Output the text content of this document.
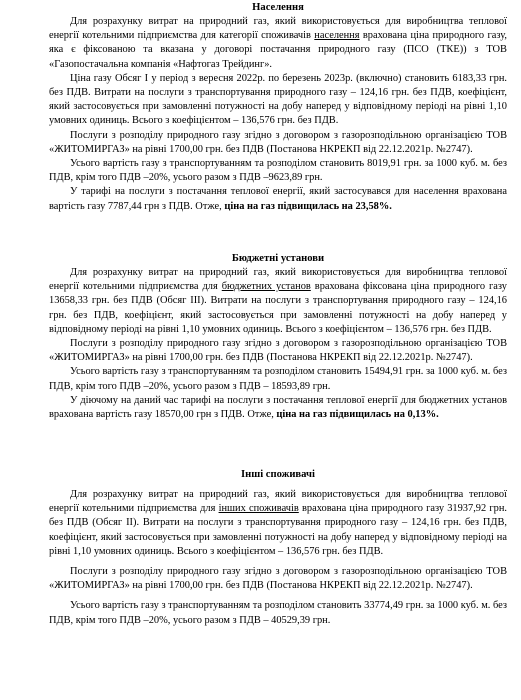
Населення

Для розрахунку витрат на природний газ, який використовується для виробництва теплової енергії котельними підприємства для категорії споживачів населення врахована ціна природного газу, яка є фіксованою та вказана у договорі постачання природного газу (ПСО (ТКЕ)) з ТОВ «Газопостачальна компанія «Нафтогаз Трейдинг».

Ціна газу Обсяг І у період з вересня 2022р. по березень 2023р. (включно) становить 6183,33 грн. без ПДВ. Витрати на послуги з транспортування природного газу – 124,16 грн. без ПДВ, коефіцієнт, який застосовується при замовленні потужності на добу наперед у відповідному періоді на рівні 1,10 умовних одиниць. Всього з коефіцієнтом – 136,576 грн. без ПДВ.

Послуги з розподілу природного газу згідно з договором з газорозподільною організацією ТОВ «ЖИТОМИРГАЗ» на рівні 1700,00 грн. без ПДВ (Постанова НКРЕКП від 22.12.2021р. №2747).

Усього вартість газу з транспортуванням та розподілом становить 8019,91 грн. за 1000 куб. м. без ПДВ, крім того ПДВ –20%, усього разом з ПДВ –9623,89 грн.

У тарифі на послуги з постачання теплової енергії, який застосувався для населення врахована вартість газу 7787,44 грн з ПДВ. Отже, ціна на газ підвищилась на 23,58%.

Бюджетні установи

Для розрахунку витрат на природний газ, який використовується для виробництва теплової енергії котельними підприємства для бюджетних установ врахована фіксована ціна природного газу 13658,33 грн. без ПДВ (Обсяг ІІІ). Витрати на послуги з транспортування природного газу – 124,16 грн. без ПДВ, коефіцієнт, який застосовується при замовленні потужності на добу наперед у відповідному періоді на рівні 1,10 умовних одиниць. Всього з коефіцієнтом – 136,576 грн. без ПДВ.

Послуги з розподілу природного газу згідно з договором з газорозподільною організацією ТОВ «ЖИТОМИРГАЗ» на рівні 1700,00 грн. без ПДВ (Постанова НКРЕКП від 22.12.2021р. №2747).

Усього вартість газу з транспортуванням та розподілом становить 15494,91 грн. за 1000 куб. м. без ПДВ, крім того ПДВ –20%, усього разом з ПДВ – 18593,89 грн.

У діючому на даний час тарифі на послуги з постачання теплової енергії для бюджетних установ врахована вартість газу 18570,00 грн з ПДВ. Отже, ціна на газ підвищилась на 0,13%.

Інші споживачі

Для розрахунку витрат на природний газ, який використовується для виробництва теплової енергії котельними підприємства для інших споживачів врахована ціна природного газу 31937,92 грн. без ПДВ (Обсяг ІІ). Витрати на послуги з транспортування природного газу – 124,16 грн. без ПДВ, коефіцієнт, який застосовується при замовленні потужності на добу наперед у відповідному періоді на рівні 1,10 умовних одиниць. Всього з коефіцієнтом – 136,576 грн. без ПДВ.

Послуги з розподілу природного газу згідно з договором з газорозподільною організацією ТОВ «ЖИТОМИРГАЗ» на рівні 1700,00 грн. без ПДВ (Постанова НКРЕКП від 22.12.2021р. №2747).

Усього вартість газу з транспортуванням та розподілом становить 33774,49 грн. за 1000 куб. м. без ПДВ, крім того ПДВ –20%, усього разом з ПДВ – 40529,39 грн.
